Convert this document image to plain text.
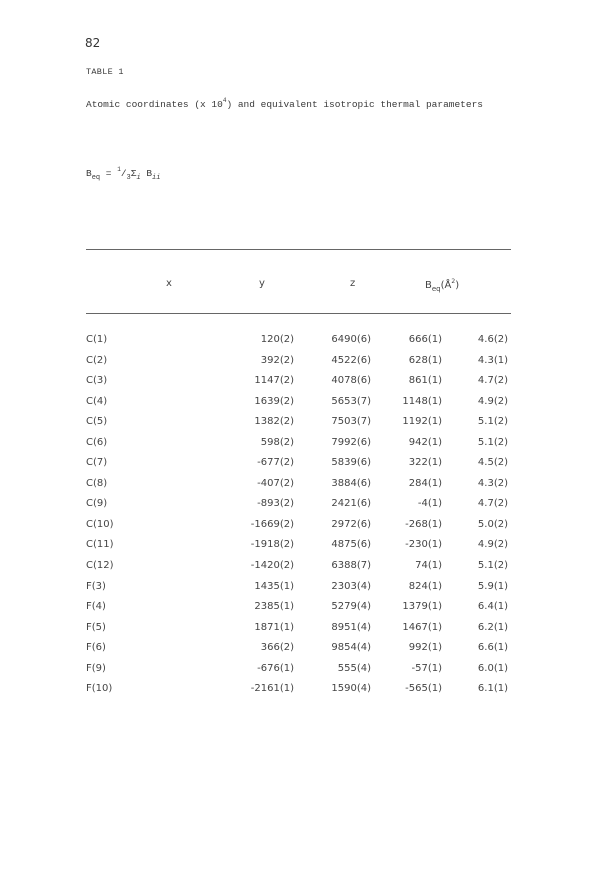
82
TABLE 1
Atomic coordinates (x $10^4$) and equivalent isotropic thermal parameters
$B_{eq} = ^1/_3\Sigma_i$ $B_{ii}$
x	y	z	$B_{eq}(Å^2)$
C(1)	120(2)	6490(6)	666(1)	4.6(2)
C(2)	392(2)	4522(6)	628(1)	4.3(1)
C(3)	1147(2)	4078(6)	861(1)	4.7(2)
C(4)	1639(2)	5653(7)	1148(1)	4.9(2)
C(5)	1382(2)	7503(7)	1192(1)	5.1(2)
C(6)	598(2)	7992(6)	942(1)	5.1(2)
C(7)	-677(2)	5839(6)	322(1)	4.5(2)
C(8)	-407(2)	3884(6)	284(1)	4.3(2)
C(9)	-893(2)	2421(6)	-4(1)	4.7(2)
C(10)	-1669(2)	2972(6)	-268(1)	5.0(2)
C(11)	-1918(2)	4875(6)	-230(1)	4.9(2)
C(12)	-1420(2)	6388(7)	74(1)	5.1(2)
F(3)	1435(1)	2303(4)	824(1)	5.9(1)
F(4)	2385(1)	5279(4)	1379(1)	6.4(1)
F(5)	1871(1)	8951(4)	1467(1)	6.2(1)
F(6)	366(2)	9854(4)	992(1)	6.6(1)
F(9)	-676(1)	555(4)	-57(1)	6.0(1)
F(10)	-2161(1)	1590(4)	-565(1)	6.1(1)
